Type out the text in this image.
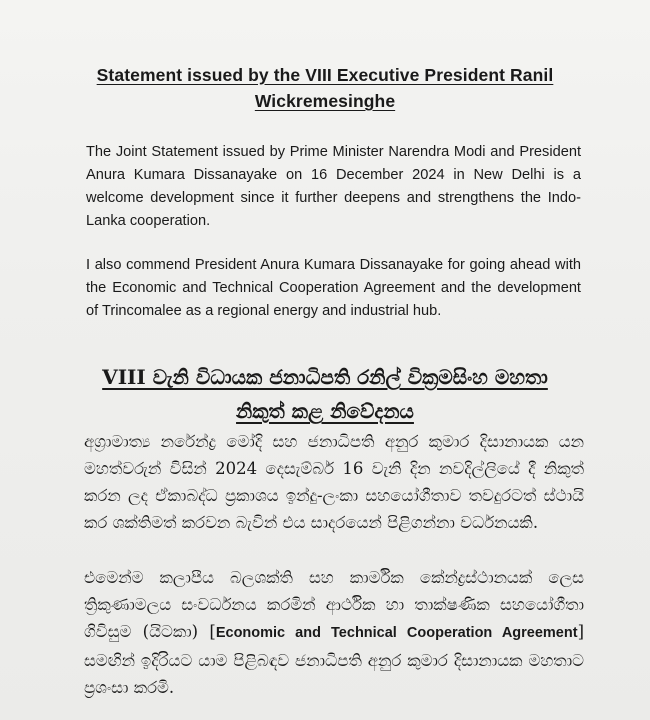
Statement issued by the VIII Executive President Ranil
Wickremesinghe
The Joint Statement issued by Prime Minister Narendra Modi and President Anura Kumara Dissanayake on 16 December 2024 in New Delhi is a welcome development since it further deepens and strengthens the Indo-Lanka cooperation.
I also commend President Anura Kumara Dissanayake for going ahead with the Economic and Technical Cooperation Agreement and the development of Trincomalee as a regional energy and industrial hub.
VIII වැනි විධායක ජනාධිපති රනිල් වික්‍රමසිංහ මහතා
නිකුත් කළ නිවේදනය
අග්‍රාමාත්‍ය නරේන්ද්‍ර මෝදි සහ ජනාධිපති අනුර කුමාර දිසානායක යන මහත්වරුන් විසින් 2024 දෙසැම්බර් 16 වැනි දින නවදිල්ලියේ දී නිකුත් කරන ලද ඒකාබද්ධ ප්‍රකාශය ඉන්දු-ලංකා සහයෝගීතාව තවදුරටත් ස්ථායි කර ශක්තිමත් කරවන බැවින් එය සාදරයෙන් පිළිගන්නා වර්ධනයකි.
එමෙන්ම කලාපීය බලශක්ති සහ කාර්මික කේන්ද්‍රස්ථානයක් ලෙස ත්‍රිකුණාමලය සංවර්ධනය කරමින් ආර්ථික හා තාක්ෂණික සහයෝගීතා ගිවිසුම (යිටකා) [Economic and Technical Cooperation Agreement] සමඟින් ඉදිරියට යාම පිළිබඳව ජනාධිපති අනුර කුමාර දිසානායක මහතාට ප්‍රශංසා කරමි.
